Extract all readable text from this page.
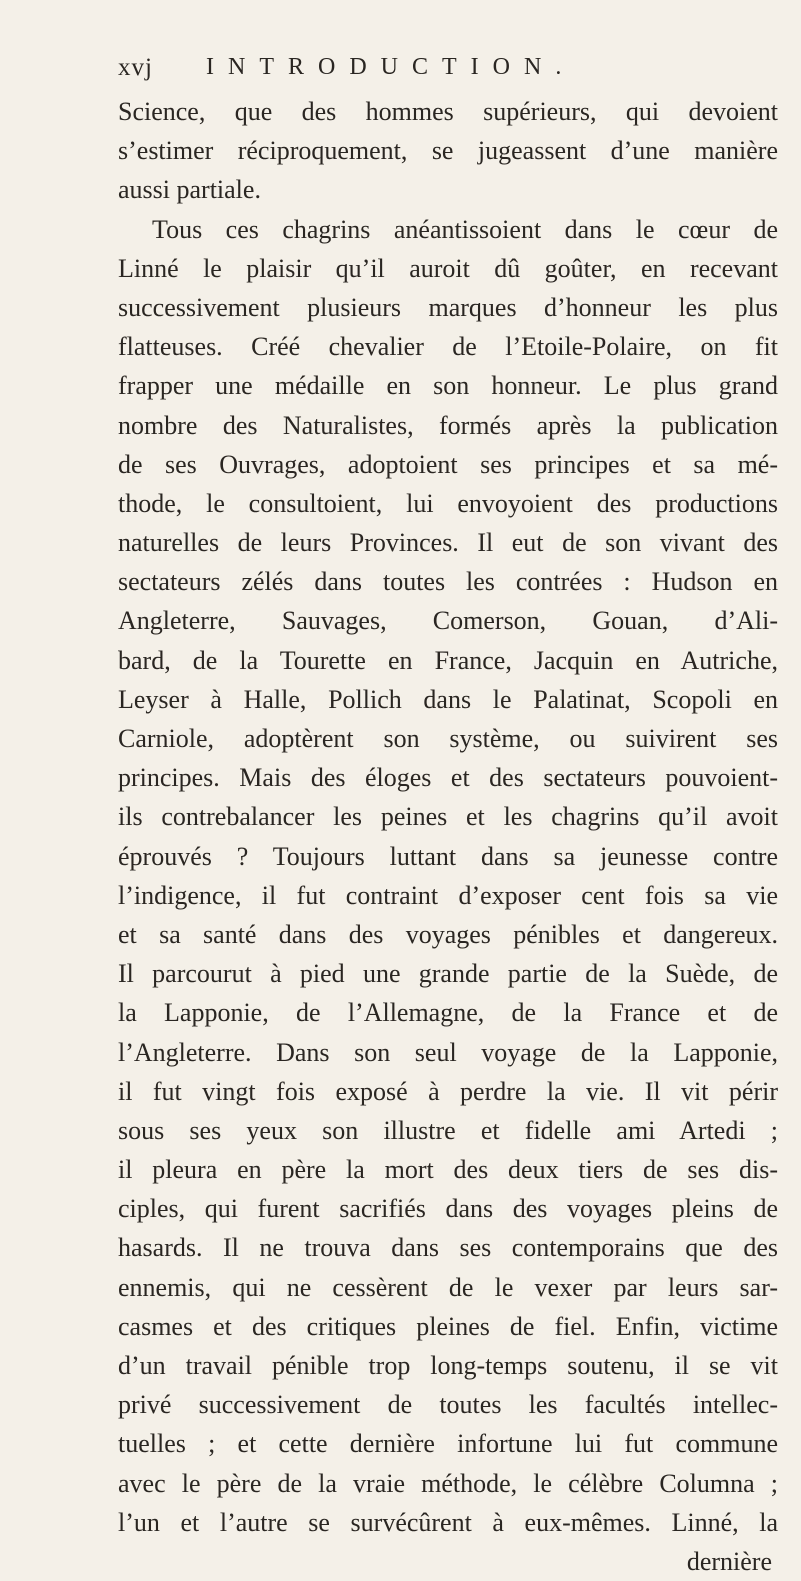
xvj INTRODUCTION.
Science, que des hommes supérieurs, qui devoient
s’estimer réciproquement, se jugeassent d’une manière
aussi partiale.
Tous ces chagrins anéantissoient dans le cœur de
Linné le plaisir qu’il auroit dû goûter, en recevant
successivement plusieurs marques d’honneur les plus
flatteuses. Créé chevalier de l’Etoile-Polaire, on fit
frapper une médaille en son honneur. Le plus grand
nombre des Naturalistes, formés après la publication
de ses Ouvrages, adoptoient ses principes et sa mé-
thode, le consultoient, lui envoyoient des productions
naturelles de leurs Provinces. Il eut de son vivant des
sectateurs zélés dans toutes les contrées : Hudson en
Angleterre, Sauvages, Comerson, Gouan, d’Ali-
bard, de la Tourette en France, Jacquin en Autriche,
Leyser à Halle, Pollich dans le Palatinat, Scopoli en
Carniole, adoptèrent son système, ou suivirent ses
principes. Mais des éloges et des sectateurs pouvoient-
ils contrebalancer les peines et les chagrins qu’il avoit
éprouvés ? Toujours luttant dans sa jeunesse contre
l’indigence, il fut contraint d’exposer cent fois sa vie
et sa santé dans des voyages pénibles et dangereux.
Il parcourut à pied une grande partie de la Suède, de
la Lapponie, de l’Allemagne, de la France et de
l’Angleterre. Dans son seul voyage de la Lapponie,
il fut vingt fois exposé à perdre la vie. Il vit périr
sous ses yeux son illustre et fidelle ami Artedi ;
il pleura en père la mort des deux tiers de ses dis-
ciples, qui furent sacrifiés dans des voyages pleins de
hasards. Il ne trouva dans ses contemporains que des
ennemis, qui ne cessèrent de le vexer par leurs sar-
casmes et des critiques pleines de fiel. Enfin, victime
d’un travail pénible trop long-temps soutenu, il se vit
privé successivement de toutes les facultés intellec-
tuelles ; et cette dernière infortune lui fut commune
avec le père de la vraie méthode, le célèbre Columna ;
l’un et l’autre se survécûrent à eux-mêmes. Linné, la
dernière
